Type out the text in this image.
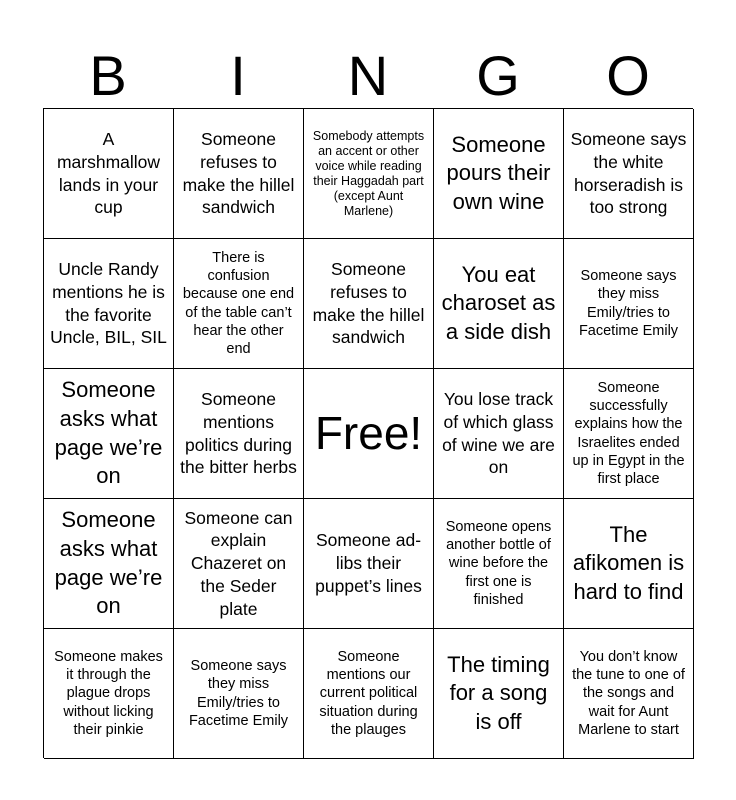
B	I	N	G	O
A marshmallow lands in your cup
Someone refuses to make the hillel sandwich
Somebody attempts an accent or other voice while reading their Haggadah part (except Aunt Marlene)
Someone pours their own wine
Someone says the white horseradish is too strong
Uncle Randy mentions he is the favorite Uncle, BIL, SIL
There is confusion because one end of the table can’t hear the other end
Someone refuses to make the hillel sandwich
You eat charoset as a side dish
Someone says they miss Emily/tries to Facetime Emily
Someone asks what page we’re on
Someone mentions politics during the bitter herbs
Free!
You lose track of which glass of wine we are on
Someone successfully explains how the Israelites ended up in Egypt in the first place
Someone asks what page we’re on
Someone can explain Chazeret on the Seder plate
Someone ad-libs their puppet’s lines
Someone opens another bottle of wine before the first one is finished
The afikomen is hard to find
Someone makes it through the plague drops without licking their pinkie
Someone says they miss Emily/tries to Facetime Emily
Someone mentions our current political situation during the plauges
The timing for a song is off
You don’t know the tune to one of the songs and wait for Aunt Marlene to start
